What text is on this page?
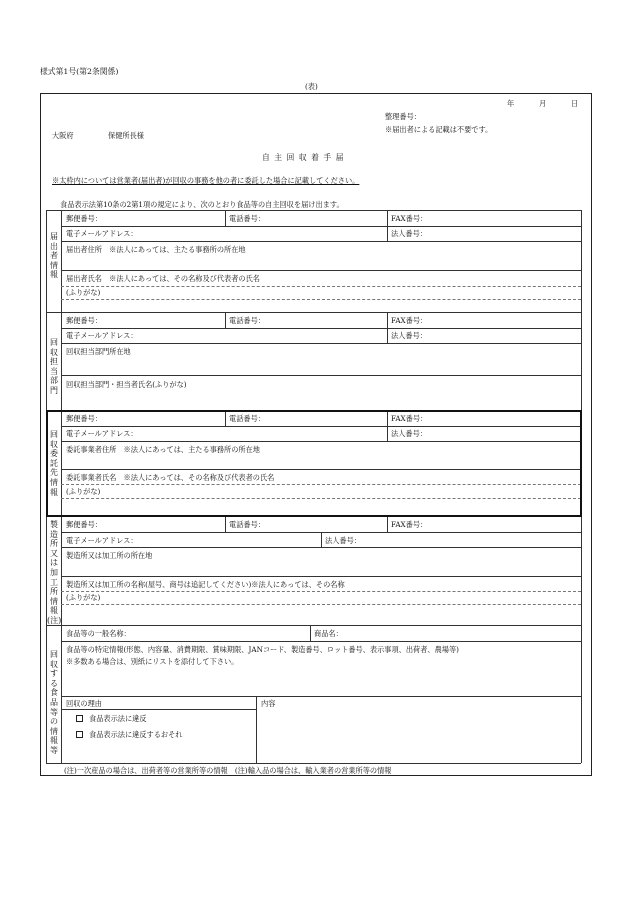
様式第1号(第2条関係)
(表)
年	月	日
整理番号：
※届出者による記載は不要です。
大阪府	保健所長様
自 主 回 収 着 手 届
※太枠内については営業者(届出者)が回収の事務を他の者に委託した場合に記載してください。
食品表示法第10条の2第1項の規定により、次のとおり食品等の自主回収を届け出ます。
届出者情報
郵便番号：	電話番号：	FAX番号：
電子メールアドレス：	法人番号：
届出者住所　※法人にあっては、主たる事務所の所在地
届出者氏名　※法人にあっては、その名称及び代表者の氏名
(ふりがな)
回収担当部門
郵便番号：	電話番号：	FAX番号：
電子メールアドレス：	法人番号：
回収担当部門所在地
回収担当部門・担当者氏名(ふりがな)
回収委託先情報
郵便番号：	電話番号：	FAX番号：
電子メールアドレス：	法人番号：
委託事業者住所　※法人にあっては、主たる事務所の所在地
委託事業者氏名　※法人にあっては、その名称及び代表者の氏名
(ふりがな)
製造所又は加工所情報(注)
郵便番号：	電話番号：	FAX番号：
電子メールアドレス：	法人番号：
製造所又は加工所の所在地
製造所又は加工所の名称(屋号、商号は追記してください)※法人にあっては、その名称
(ふりがな)
回収する食品等の情報等
食品等の一般名称：	商品名：
食品等の特定情報(形態、内容量、消費期限、賞味期限、JANコード、製造番号、ロット番号、表示事項、出荷者、農場等)
※多数ある場合は、別紙にリストを添付して下さい。
回収の理由	内容
食品表示法に違反
食品表示法に違反するおそれ
(注)一次産品の場合は、出荷者等の営業所等の情報　(注)輸入品の場合は、輸入業者の営業所等の情報
